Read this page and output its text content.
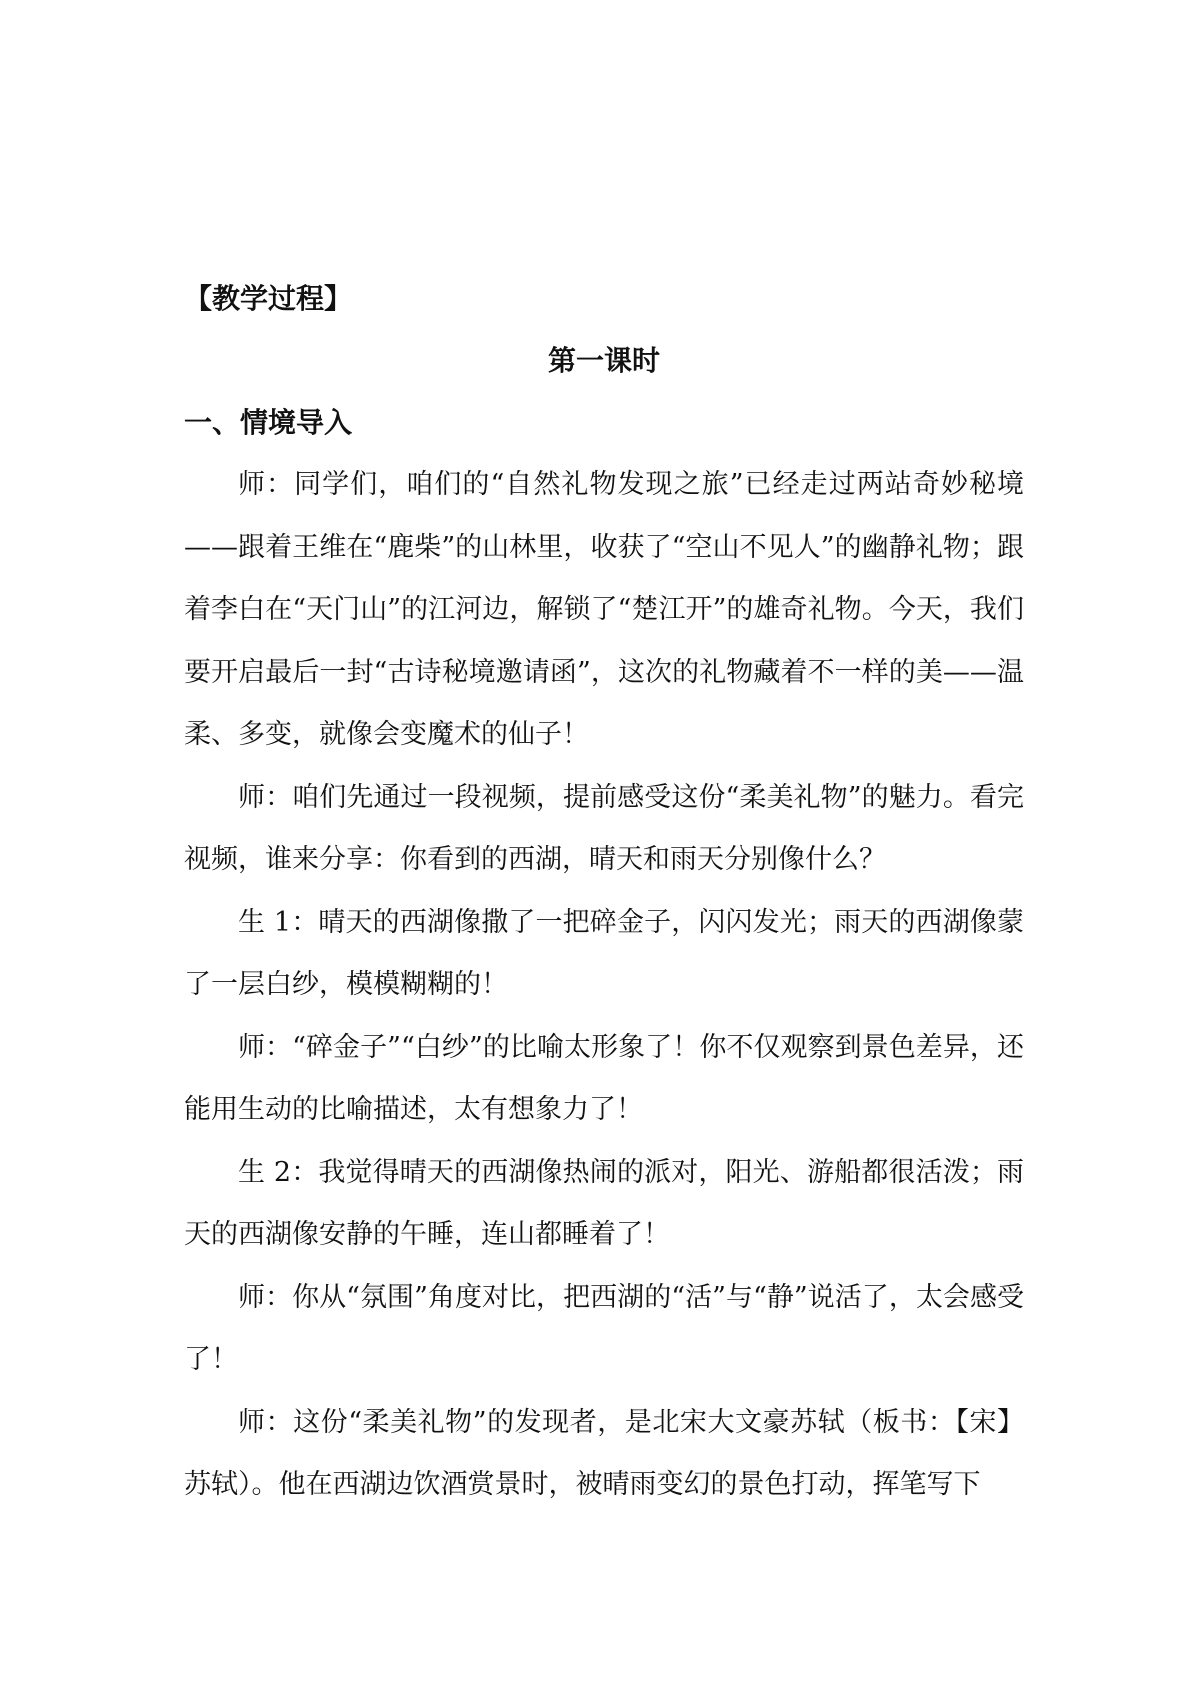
【教学过程】
第一课时
一、情境导入

师：同学们，咱们的“自然礼物发现之旅”已经走过两站奇妙秘境——跟着王维在“鹿柴”的山林里，收获了“空山不见人”的幽静礼物；跟着李白在“天门山”的江河边，解锁了“楚江开”的雄奇礼物。今天，我们要开启最后一封“古诗秘境邀请函”，这次的礼物藏着不一样的美——温柔、多变，就像会变魔术的仙子！

师：咱们先通过一段视频，提前感受这份“柔美礼物”的魅力。看完视频，谁来分享：你看到的西湖，晴天和雨天分别像什么？

生 1：晴天的西湖像撒了一把碎金子，闪闪发光；雨天的西湖像蒙了一层白纱，模模糊糊的！

师：“碎金子”“白纱”的比喻太形象了！你不仅观察到景色差异，还能用生动的比喻描述，太有想象力了！

生 2：我觉得晴天的西湖像热闹的派对，阳光、游船都很活泼；雨天的西湖像安静的午睡，连山都睡着了！

师：你从“氛围”角度对比，把西湖的“活”与“静”说活了，太会感受了！

师：这份“柔美礼物”的发现者，是北宋大文豪苏轼（板书：【宋】苏轼）。他在西湖边饮酒赏景时，被晴雨变幻的景色打动，挥笔写下
